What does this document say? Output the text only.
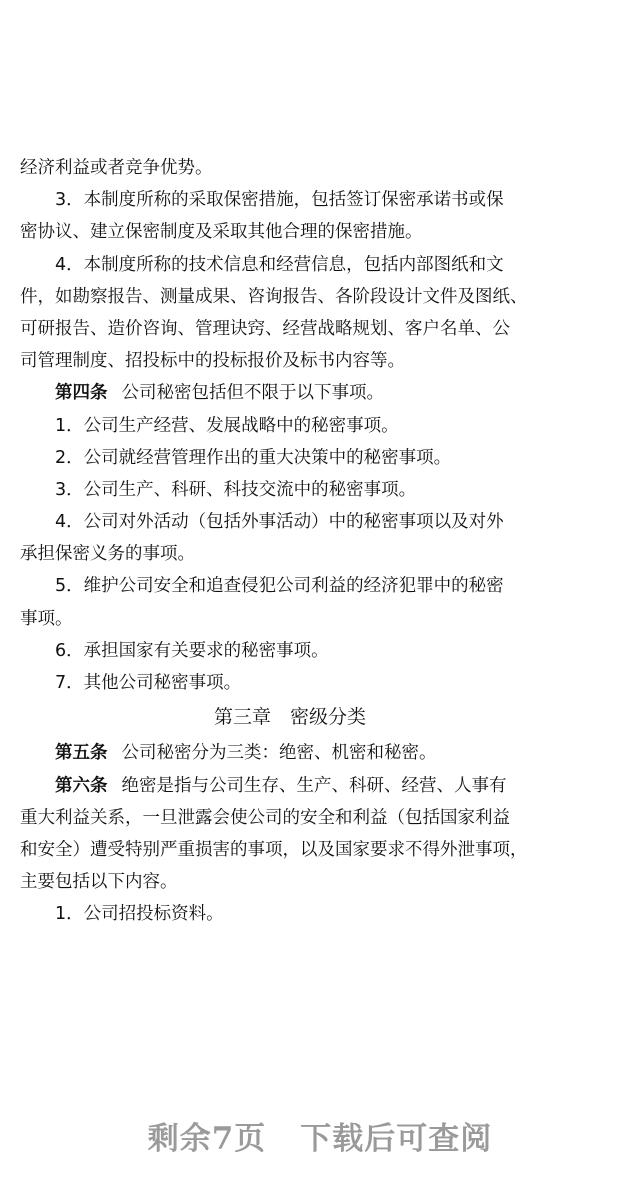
经济利益或者竞争优势。
3．本制度所称的采取保密措施，包括签订保密承诺书或保
密协议、建立保密制度及采取其他合理的保密措施。
4．本制度所称的技术信息和经营信息，包括内部图纸和文
件，如勘察报告、测量成果、咨询报告、各阶段设计文件及图纸、
可研报告、造价咨询、管理诀窍、经营战略规划、客户名单、公
司管理制度、招投标中的投标报价及标书内容等。
第四条 公司秘密包括但不限于以下事项。
1．公司生产经营、发展战略中的秘密事项。
2．公司就经营管理作出的重大决策中的秘密事项。
3．公司生产、科研、科技交流中的秘密事项。
4．公司对外活动（包括外事活动）中的秘密事项以及对外
承担保密义务的事项。
5．维护公司安全和追查侵犯公司利益的经济犯罪中的秘密
事项。
6．承担国家有关要求的秘密事项。
7．其他公司秘密事项。
第三章　密级分类
第五条 公司秘密分为三类：绝密、机密和秘密。
第六条 绝密是指与公司生存、生产、科研、经营、人事有
重大利益关系，一旦泄露会使公司的安全和利益（包括国家利益
和安全）遭受特别严重损害的事项，以及国家要求不得外泄事项，
主要包括以下内容。
1．公司招投标资料。
剩余7页 下载后可查阅
